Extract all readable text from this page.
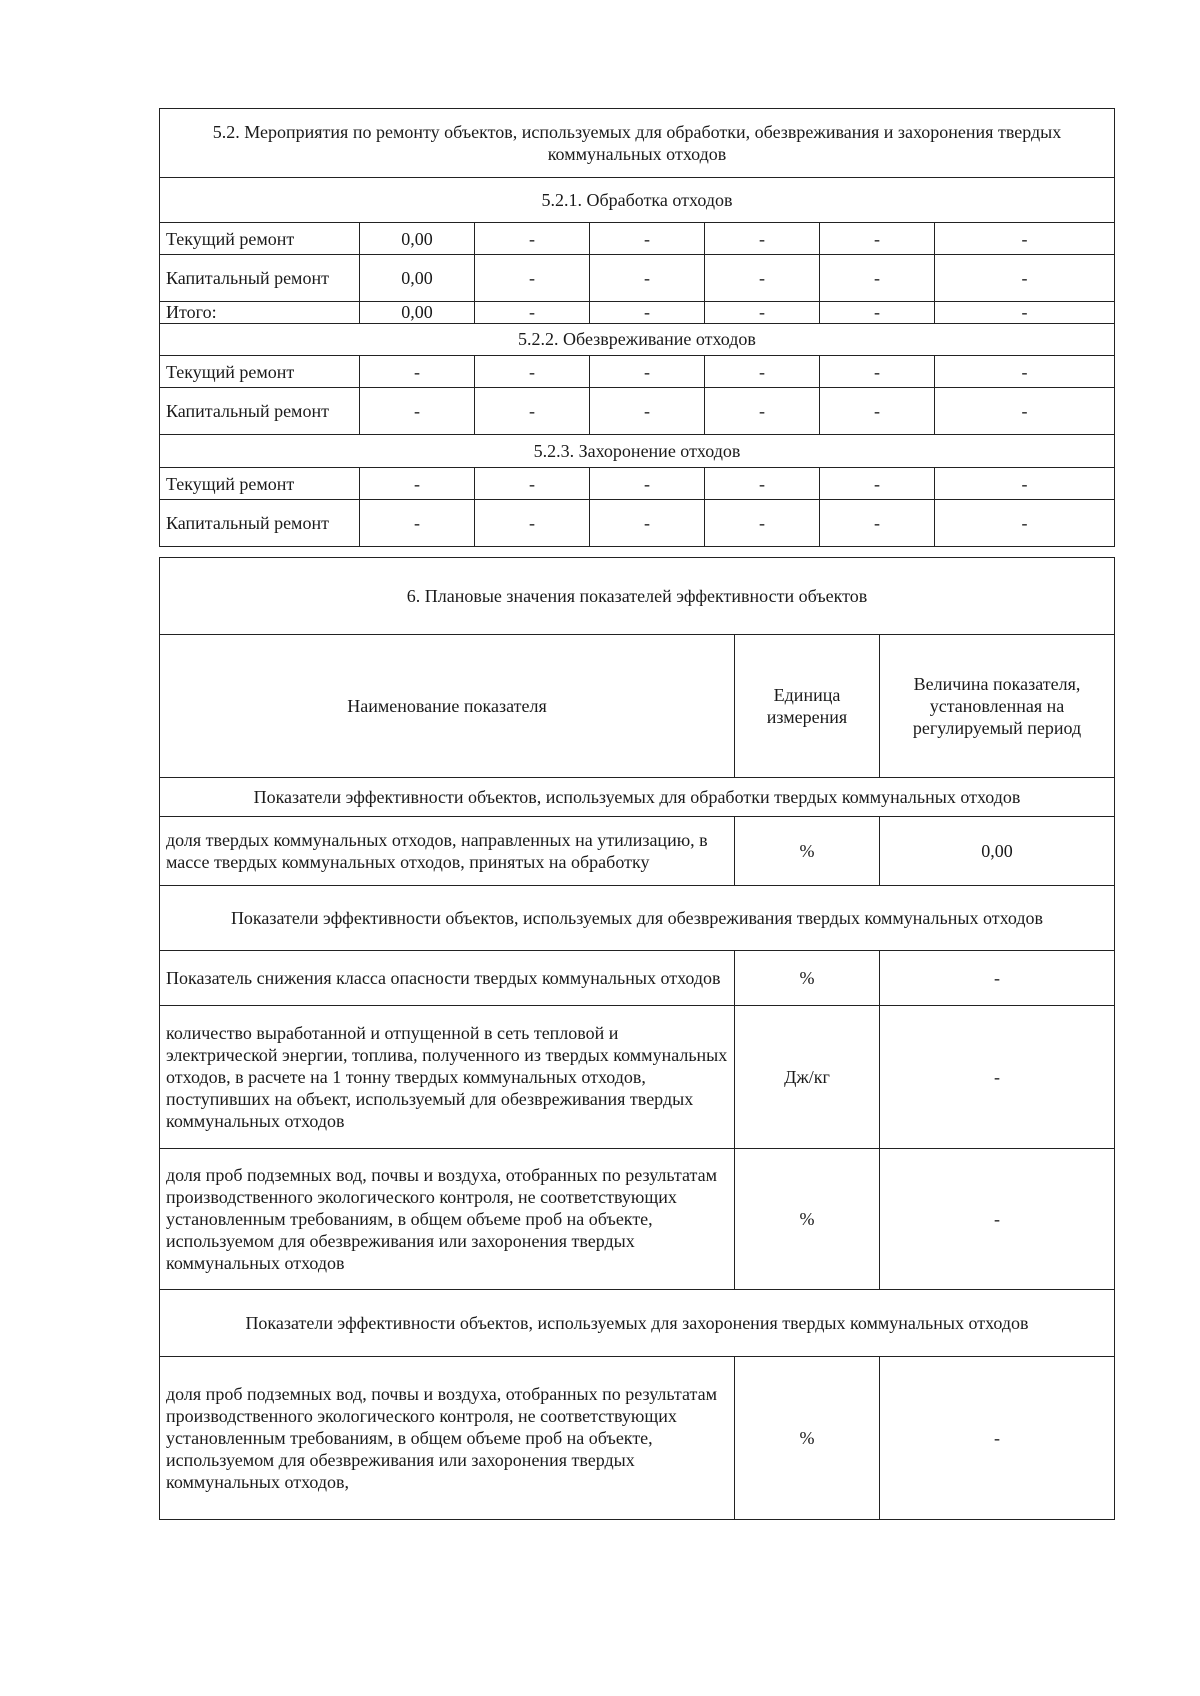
5.2. Мероприятия по ремонту объектов, используемых для обработки, обезвреживания и захоронения твердых коммунальных отходов						
5.2.1. Обработка отходов						
Текущий ремонт	0,00	-	-	-	-	-
Капитальный ремонт	0,00	-	-	-	-	-
Итого:	0,00	-	-	-	-	-
5.2.2. Обезвреживание отходов						
Текущий ремонт	-	-	-	-	-	-
Капитальный ремонт	-	-	-	-	-	-
5.2.3. Захоронение отходов						
Текущий ремонт	-	-	-	-	-	-
Капитальный ремонт	-	-	-	-	-	-
6. Плановые значения показателей эффективности объектов		
Наименование показателя	Единица измерения	Величина показателя, установленная на регулируемый период
Показатели эффективности объектов, используемых для обработки твердых коммунальных отходов		
доля твердых коммунальных отходов, направленных на утилизацию, в массе твердых коммунальных отходов, принятых на обработку	%	0,00
Показатели эффективности объектов, используемых для обезвреживания твердых коммунальных отходов		
Показатель снижения класса опасности твердых коммунальных отходов	%	-
количество выработанной и отпущенной в сеть тепловой и электрической энергии, топлива, полученного из твердых коммунальных отходов, в расчете на 1 тонну твердых коммунальных отходов, поступивших на объект, используемый для обезвреживания твердых коммунальных отходов	Дж/кг	-
доля проб подземных вод, почвы и воздуха, отобранных по результатам производственного экологического контроля, не соответствующих установленным требованиям, в общем объеме проб на объекте, используемом для обезвреживания или захоронения твердых коммунальных отходов	%	-
Показатели эффективности объектов, используемых для захоронения твердых коммунальных отходов		
доля проб подземных вод, почвы и воздуха, отобранных по результатам производственного экологического контроля, не соответствующих установленным требованиям, в общем объеме проб на объекте, используемом для обезвреживания или захоронения твердых коммунальных отходов,	%	-
